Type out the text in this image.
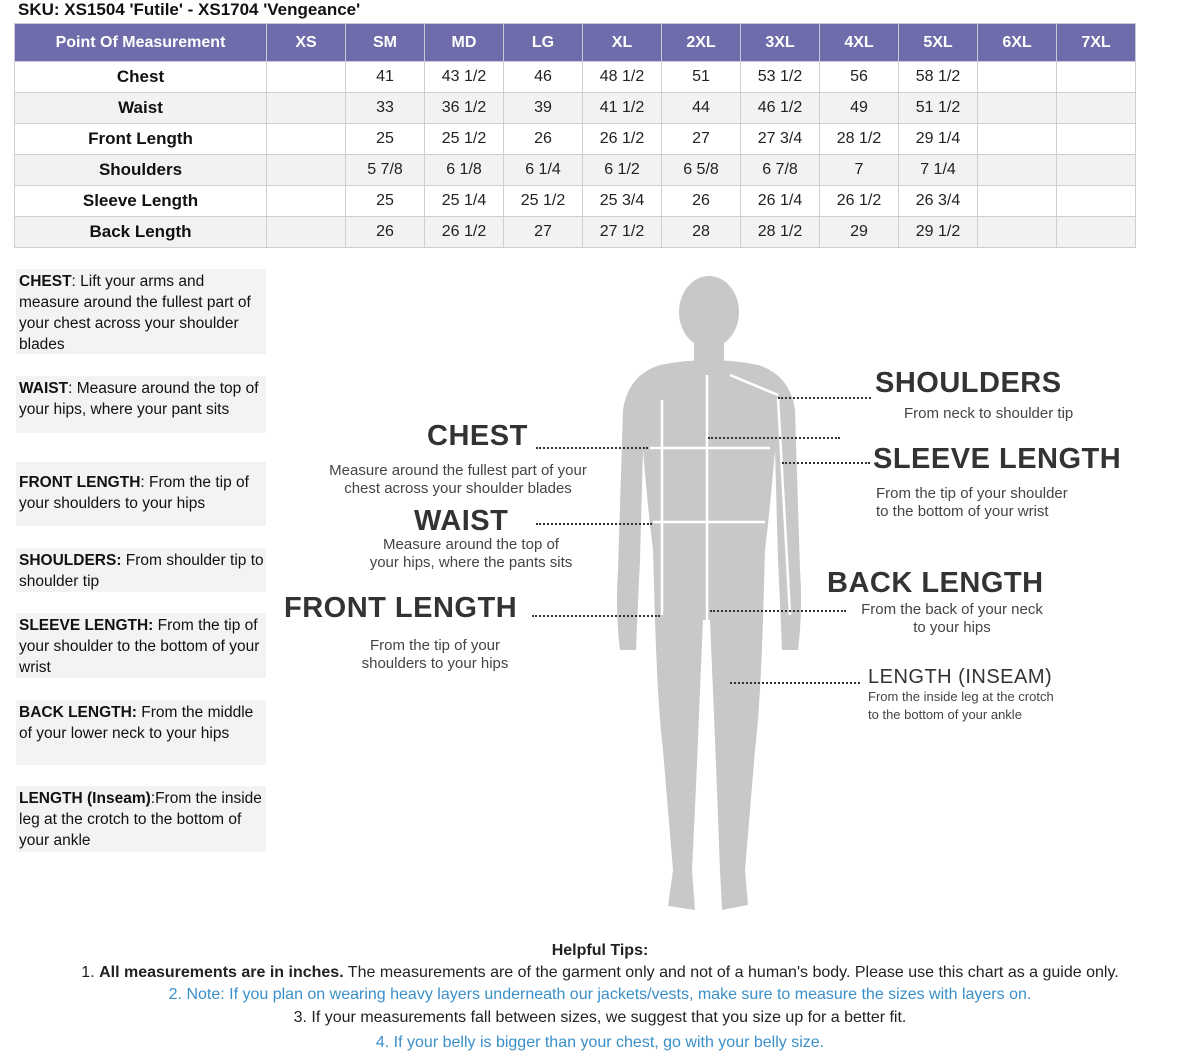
SKU: XS1504 'Futile' - XS1704 'Vengeance'
Point Of Measurement	XS	SM	MD	LG	XL	2XL	3XL	4XL	5XL	6XL	7XL
Chest		41	43 1/2	46	48 1/2	51	53 1/2	56	58 1/2		
Waist		33	36 1/2	39	41 1/2	44	46 1/2	49	51 1/2		
Front Length		25	25 1/2	26	26 1/2	27	27 3/4	28 1/2	29 1/4		
Shoulders		5 7/8	6 1/8	6 1/4	6 1/2	6 5/8	6 7/8	7	7 1/4		
Sleeve Length		25	25 1/4	25 1/2	25 3/4	26	26 1/4	26 1/2	26 3/4		
Back Length		26	26 1/2	27	27 1/2	28	28 1/2	29	29 1/2		
CHEST: Lift your arms and measure around the fullest part of your chest across your shoulder blades
WAIST: Measure around the top of your hips, where your pant sits
FRONT LENGTH: From the tip of your shoulders to your hips
SHOULDERS: From shoulder tip to shoulder tip
SLEEVE LENGTH: From the tip of your shoulder to the bottom of your wrist
BACK LENGTH: From the middle of your lower neck to your hips
LENGTH (Inseam):From the inside leg at the crotch to the bottom of your ankle
CHEST
Measure around the fullest part of your
chest across your shoulder blades
WAIST
Measure around the top of
your hips, where the pants sits
FRONT LENGTH
From the tip of your
shoulders to your hips
SHOULDERS
From neck to shoulder tip
SLEEVE LENGTH
From the tip of your shoulder
to the bottom of your wrist
BACK LENGTH
From the back of your neck
to your hips
LENGTH (INSEAM)
From the inside leg at the crotch
to the bottom of your ankle
Helpful Tips:
1. All measurements are in inches. The measurements are of the garment only and not of a human's body. Please use this chart as a guide only.
2. Note: If you plan on wearing heavy layers underneath our jackets/vests, make sure to measure the sizes with layers on.
3. If your measurements fall between sizes, we suggest that you size up for a better fit.
4. If your belly is bigger than your chest, go with your belly size.
